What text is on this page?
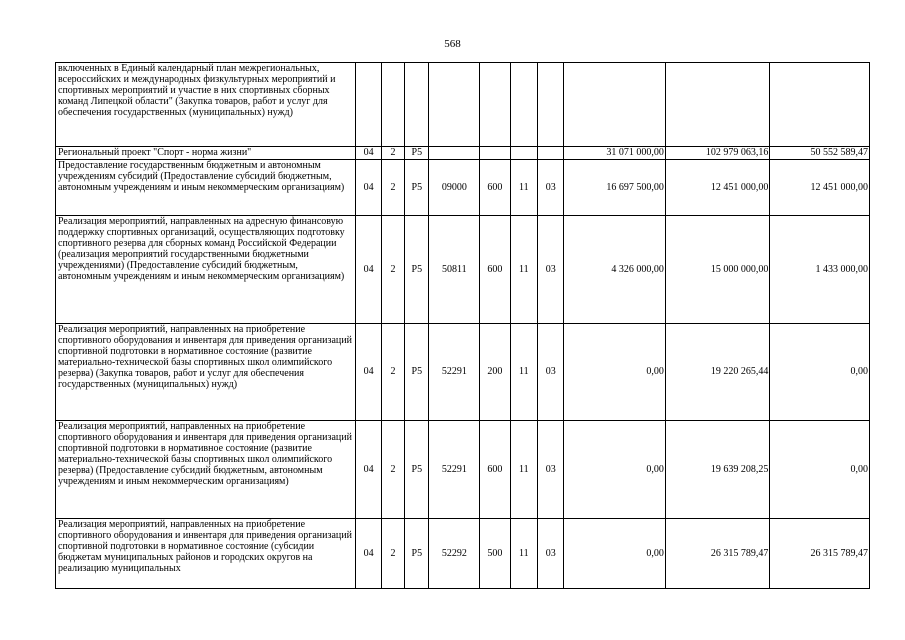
568
включенных в Единый календарный план межрегиональных, всероссийских и международных физкультурных мероприятий и спортивных мероприятий и участие в них спортивных сборных команд Липецкой области" (Закупка товаров, работ и услуг для обеспечения государственных (муниципальных) нужд)										
Региональный проект "Спорт - норма жизни"	04	2	P5					31 071 000,00	102 979 063,16	50 552 589,47
Предоставление государственным бюджетным и автономным учреждениям субсидий (Предоставление субсидий бюджетным, автономным учреждениям и иным некоммерческим организациям)	04	2	P5	09000	600	11	03	16 697 500,00	12 451 000,00	12 451 000,00
Реализация мероприятий, направленных на адресную финансовую поддержку спортивных организаций, осуществляющих подготовку спортивного резерва для сборных команд Российской Федерации (реализация мероприятий государственными бюджетными учреждениями) (Предоставление субсидий бюджетным, автономным учреждениям и иным некоммерческим организациям)	04	2	P5	50811	600	11	03	4 326 000,00	15 000 000,00	1 433 000,00
Реализация мероприятий, направленных на приобретение спортивного оборудования и инвентаря для приведения организаций спортивной подготовки в нормативное состояние (развитие материально-технической базы спортивных школ олимпийского резерва) (Закупка товаров, работ и услуг для обеспечения государственных (муниципальных) нужд)	04	2	P5	52291	200	11	03	0,00	19 220 265,44	0,00
Реализация мероприятий, направленных на приобретение спортивного оборудования и инвентаря для приведения организаций спортивной подготовки в нормативное состояние (развитие материально-технической базы спортивных школ олимпийского резерва) (Предоставление субсидий бюджетным, автономным учреждениям и иным некоммерческим организациям)	04	2	P5	52291	600	11	03	0,00	19 639 208,25	0,00
Реализация мероприятий, направленных на приобретение спортивного оборудования и инвентаря для приведения организаций спортивной подготовки в нормативное состояние (субсидии бюджетам муниципальных районов и городских округов на реализацию муниципальных	04	2	P5	52292	500	11	03	0,00	26 315 789,47	26 315 789,47
